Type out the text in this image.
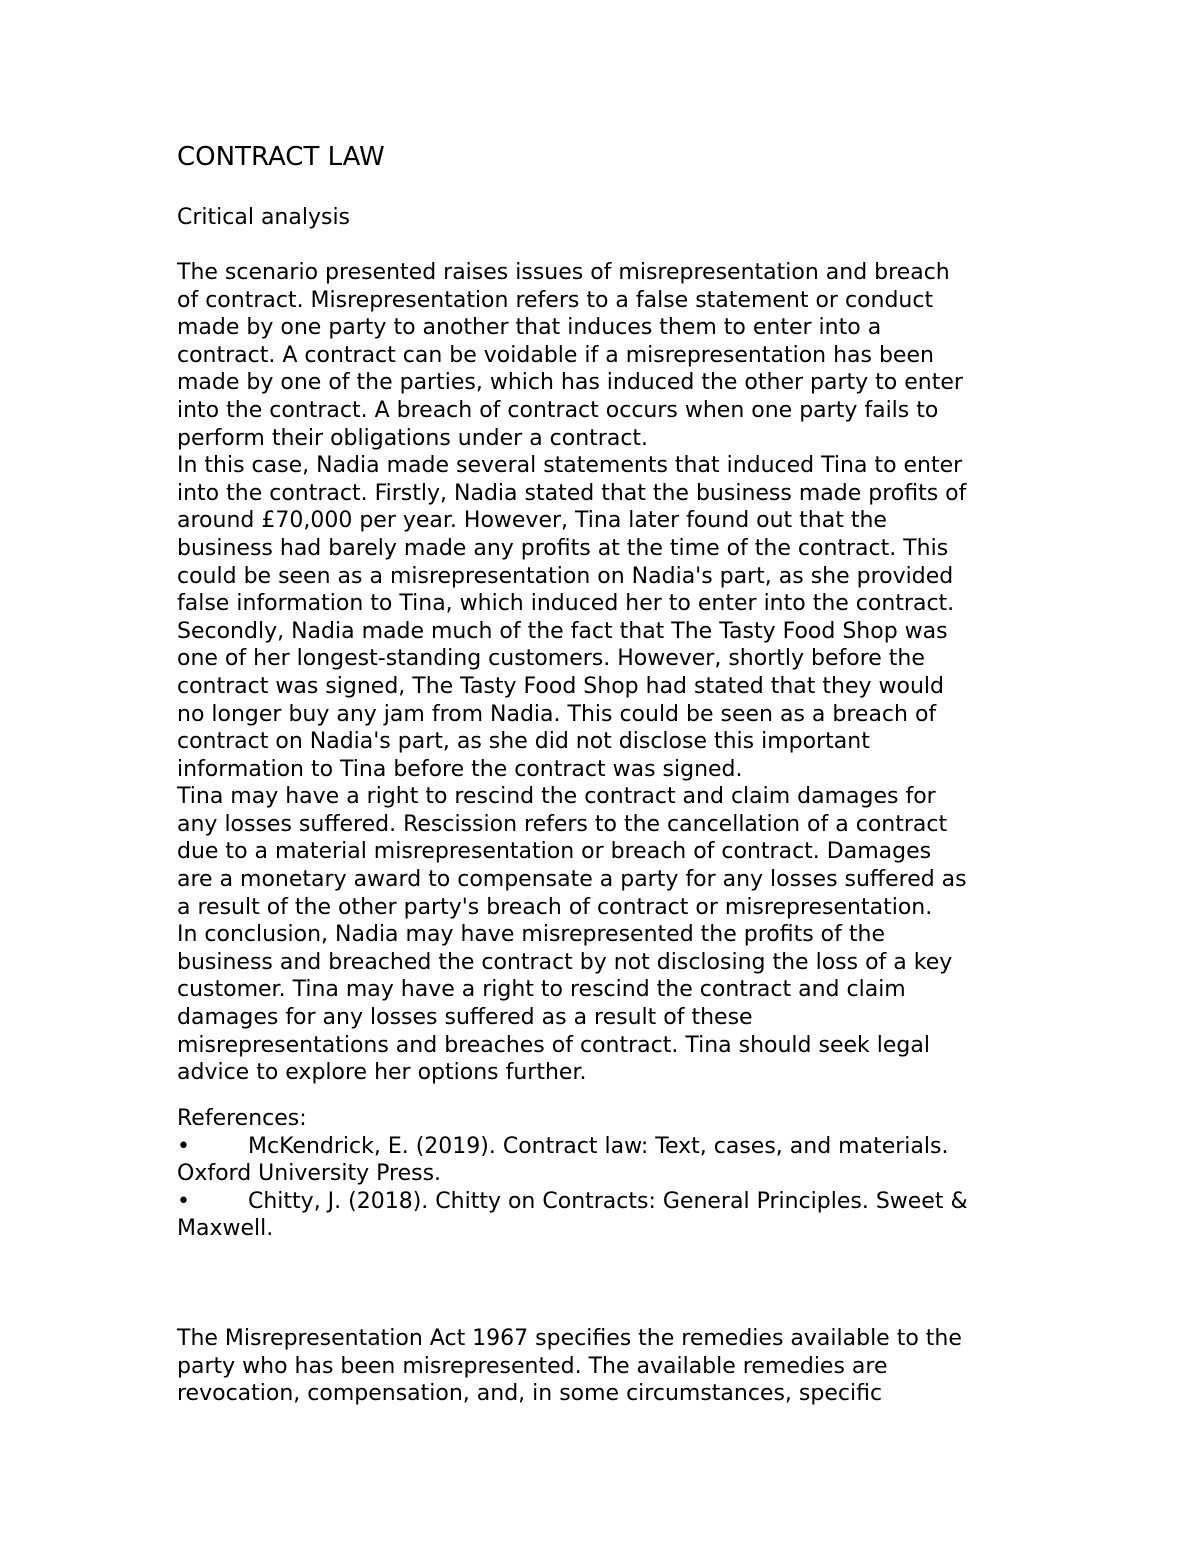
CONTRACT LAW

Critical analysis

The scenario presented raises issues of misrepresentation and breach
of contract. Misrepresentation refers to a false statement or conduct
made by one party to another that induces them to enter into a
contract. A contract can be voidable if a misrepresentation has been
made by one of the parties, which has induced the other party to enter
into the contract. A breach of contract occurs when one party fails to
perform their obligations under a contract.

In this case, Nadia made several statements that induced Tina to enter
into the contract. Firstly, Nadia stated that the business made profits of
around £70,000 per year. However, Tina later found out that the
business had barely made any profits at the time of the contract. This
could be seen as a misrepresentation on Nadia's part, as she provided
false information to Tina, which induced her to enter into the contract.
Secondly, Nadia made much of the fact that The Tasty Food Shop was
one of her longest-standing customers. However, shortly before the
contract was signed, The Tasty Food Shop had stated that they would
no longer buy any jam from Nadia. This could be seen as a breach of
contract on Nadia's part, as she did not disclose this important
information to Tina before the contract was signed.

Tina may have a right to rescind the contract and claim damages for
any losses suffered. Rescission refers to the cancellation of a contract
due to a material misrepresentation or breach of contract. Damages
are a monetary award to compensate a party for any losses suffered as
a result of the other party's breach of contract or misrepresentation.

In conclusion, Nadia may have misrepresented the profits of the
business and breached the contract by not disclosing the loss of a key
customer. Tina may have a right to rescind the contract and claim
damages for any losses suffered as a result of these
misrepresentations and breaches of contract. Tina should seek legal
advice to explore her options further.

References:

•	McKendrick, E. (2019). Contract law: Text, cases, and materials.
Oxford University Press.

•	Chitty, J. (2018). Chitty on Contracts: General Principles. Sweet &
Maxwell.

The Misrepresentation Act 1967 specifies the remedies available to the
party who has been misrepresented. The available remedies are
revocation, compensation, and, in some circumstances, specific
